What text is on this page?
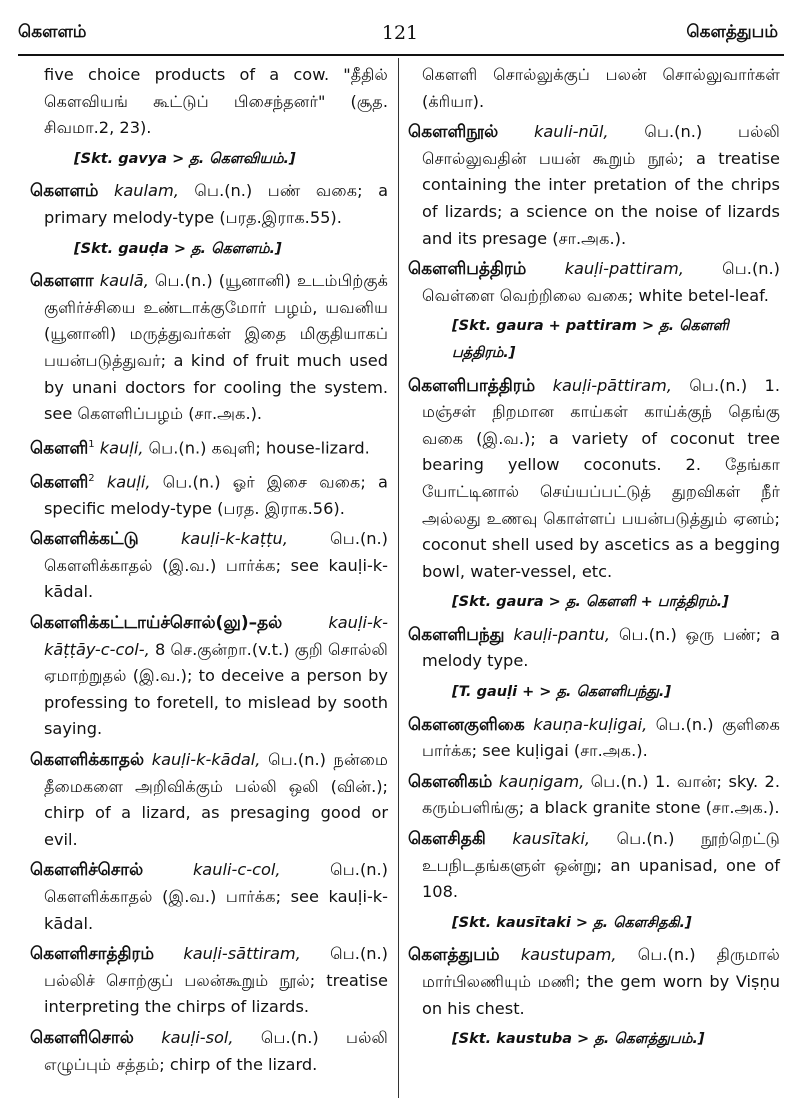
கௌளம்	121	கௌத்துபம்
five choice products of a cow. "தீதில் கௌவியங் கூட்டுப் பிசைந்தனர்" (சூத. சிவமா.2, 23).
[Skt. gavya > த. கௌவியம்.]
கௌளம் kaulam, பெ.(n.) பண் வகை; a primary melody-type (பரத.இராக.55).
[Skt. gauḍa > த. கௌளம்.]
கௌளா kaulā, பெ.(n.) (யூனானி) உடம்பிற்குக் குளிர்ச்சியை உண்டாக்குமோர் பழம், யவனிய (யூனானி) மருத்துவர்கள் இதை மிகுதியாகப் பயன்படுத்துவர்; a kind of fruit much used by unani doctors for cooling the system. see கௌளிப்பழம் (சா.அக.).
கௌளி$^1$ kauḷi, பெ.(n.) கவுளி; house-lizard.
கௌளி$^2$ kauḷi, பெ.(n.) ஓர் இசை வகை; a specific melody-type (பரத. இராக.56).
கௌளிக்கட்டு	kauḷi-k-kaṭṭu,	பெ.(n.) கௌளிக்காதல் (இ.வ.) பார்க்க; see kauḷi-k-kādal.
கௌளிக்கட்டாய்ச்சொல்(லு)–தல்	kauḷi-k-kāṭṭāy-c-col-, 8 செ.குன்றா.(v.t.) குறி சொல்லி ஏமாற்றுதல் (இ.வ.); to deceive a person by professing to foretell, to mislead by sooth saying.
கௌளிக்காதல் kauḷi-k-kādal, பெ.(n.) நன்மை தீமைகளை அறிவிக்கும் பல்லி ஒலி (வின்.); chirp of a lizard, as presaging good or evil.
கௌளிச்சொல்	kauli-c-col,	பெ.(n.) கௌளிக்காதல் (இ.வ.) பார்க்க; see kauḷi-k-kādal.
கௌளிசாத்திரம் kauḷi-sāttiram, பெ.(n.) பல்லிச் சொற்குப் பலன்கூறும் நூல்; treatise interpreting the chirps of lizards.
கௌளிசொல் kauḷi-sol, பெ.(n.) பல்லி எழுப்பும் சத்தம்; chirp of the lizard.
கௌளி சொல்லுக்குப் பலன் சொல்லுவார்கள் (க்ரியா).
கௌளிநூல் kauli-nūl, பெ.(n.) பல்லி சொல்லுவதின் பயன் கூறும் நூல்; a treatise containing the inter pretation of the chrips of lizards; a science on the noise of lizards and its presage (சா.அக.).
கௌளிபத்திரம் kauḷi-pattiram, பெ.(n.) வெள்ளை வெற்றிலை வகை; white betel-leaf.
[Skt. gaura + pattiram > த. கௌளி பத்திரம்.]
கௌளிபாத்திரம் kauḷi-pāttiram, பெ.(n.) 1. மஞ்சள் நிறமான காய்கள் காய்க்குந் தெங்கு வகை (இ.வ.); a variety of coconut tree bearing yellow coconuts. 2. தேங்கா யோட்டினால் செய்யப்பட்டுத் துறவிகள் நீர் அல்லது உணவு கொள்ளப் பயன்படுத்தும் ஏனம்; coconut shell used by ascetics as a begging bowl, water-vessel, etc.
[Skt. gaura > த. கௌளி + பாத்திரம்.]
கௌளிபந்து kauḷi-pantu, பெ.(n.) ஒரு பண்; a melody type.
[T. gauḷi + > த. கௌளிபந்து.]
கௌனகுளிகை kauṇa-kuḷigai, பெ.(n.) குளிகை பார்க்க; see kuḷigai (சா.அக.).
கௌனிகம் kauṇigam, பெ.(n.) 1. வான்; sky. 2. கரும்பளிங்கு; a black granite stone (சா.அக.).
கௌசிதகி kausītaki, பெ.(n.) நூற்றெட்டு உபநிடதங்களுள் ஒன்று; an upanisad, one of 108.
[Skt. kausītaki > த. கௌசிதகி.]
கௌத்துபம் kaustupam, பெ.(n.) திருமால் மார்பிலணியும் மணி; the gem worn by Viṣṇu on his chest.
[Skt. kaustuba > த. கௌத்துபம்.]
